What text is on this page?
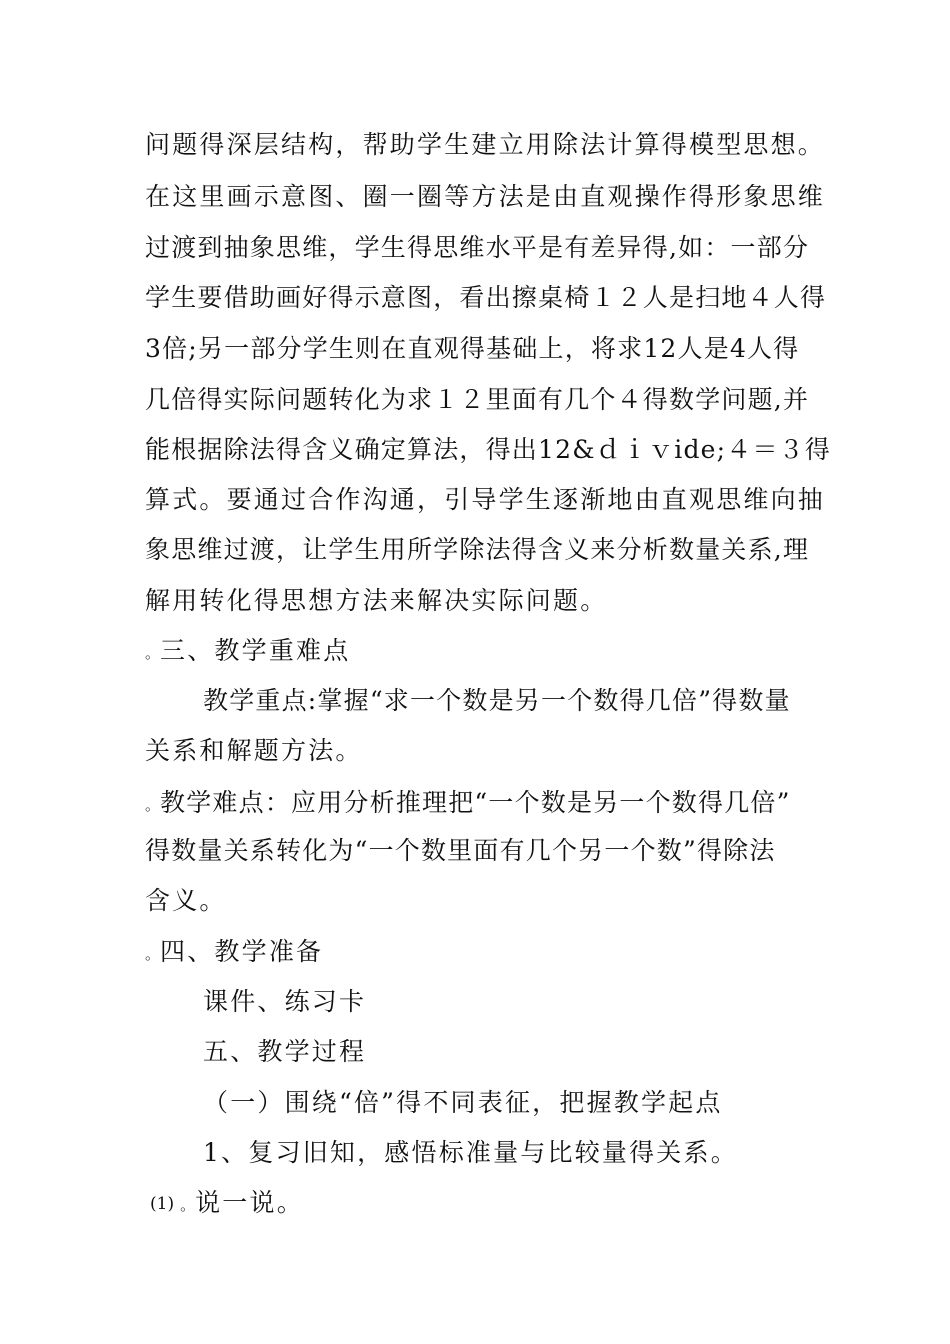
问题得深层结构，帮助学生建立用除法计算得模型思想。
在这里画示意图、圈一圈等方法是由直观操作得形象思维
过渡到抽象思维，学生得思维水平是有差异得,如：一部分
学生要借助画好得示意图，看出擦桌椅１２人是扫地４人得
3倍;另一部分学生则在直观得基础上，将求12人是4人得
几倍得实际问题转化为求１２里面有几个４得数学问题,并
能根据除法得含义确定算法，得出12&ｄｉｖide;４＝３得
算式。要通过合作沟通，引导学生逐渐地由直观思维向抽
象思维过渡，让学生用所学除法得含义来分析数量关系,理
解用转化得思想方法来解决实际问题。
。三、教学重难点
教学重点:掌握“求一个数是另一个数得几倍”得数量
关系和解题方法。
。教学难点：应用分析推理把“一个数是另一个数得几倍”
得数量关系转化为“一个数里面有几个另一个数”得除法
含义。
。四、教学准备
课件、练习卡
五、教学过程
（一）围绕“倍”得不同表征，把握教学起点
1、复习旧知，感悟标准量与比较量得关系。
(1) 。说一说。
